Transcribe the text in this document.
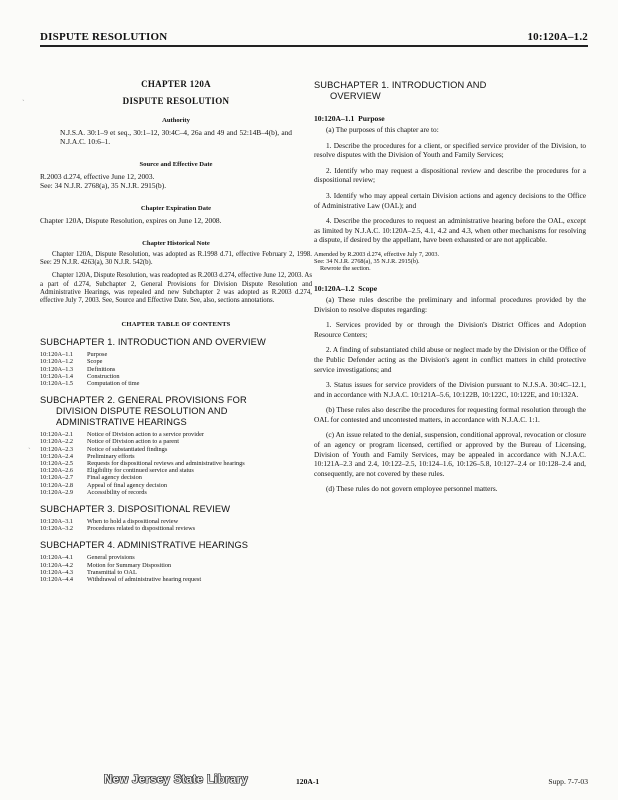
DISPUTE RESOLUTION	10:120A–1.2
ˎ
ˏ
CHAPTER 120A
DISPUTE RESOLUTION
Authority

N.J.S.A. 30:1–9 et seq., 30:1–12, 30:4C–4, 26a and 49 and 52:14B–4(b), and N.J.A.C. 10:6–1.

Source and Effective Date

R.2003 d.274, effective June 12, 2003.

See: 34 N.J.R. 2768(a), 35 N.J.R. 2915(b).

Chapter Expiration Date

Chapter 120A, Dispute Resolution, expires on June 12, 2008.

Chapter Historical Note

Chapter 120A, Dispute Resolution, was adopted as R.1998 d.71, effective February 2, 1998. See: 29 N.J.R. 4263(a), 30 N.J.R. 542(b).

Chapter 120A, Dispute Resolution, was readopted as R.2003 d.274, effective June 12, 2003. As a part of d.274, Subchapter 2, General Provisions for Division Dispute Resolution and Administrative Hearings, was repealed and new Subchapter 2 was adopted as R.2003 d.274, effective July 7, 2003. See, Source and Effective Date. See, also, sections annotations.

CHAPTER TABLE OF CONTENTS
SUBCHAPTER 1. INTRODUCTION AND OVERVIEW
10:120A–1.1	Purpose
10:120A–1.2	Scope
10:120A–1.3	Definitions
10:120A–1.4	Construction
10:120A–1.5	Computation of time
SUBCHAPTER 2. GENERAL PROVISIONS FOR
DIVISION DISPUTE RESOLUTION AND
ADMINISTRATIVE HEARINGS
10:120A–2.1	Notice of Division action to a service provider
10:120A–2.2	Notice of Division action to a parent
10:120A–2.3	Notice of substantiated findings
10:120A–2.4	Preliminary efforts
10:120A–2.5	Requests for dispositional reviews and administrative hearings
10:120A–2.6	Eligibility for continued service and status
10:120A–2.7	Final agency decision
10:120A–2.8	Appeal of final agency decision
10:120A–2.9	Accessibility of records
SUBCHAPTER 3. DISPOSITIONAL REVIEW
10:120A–3.1	When to hold a dispositional review
10:120A–3.2	Procedures related to dispositional reviews
SUBCHAPTER 4. ADMINISTRATIVE HEARINGS
10:120A–4.1	General provisions
10:120A–4.2	Motion for Summary Disposition
10:120A–4.3	Transmittal to OAL
10:120A–4.4	Withdrawal of administrative hearing request
SUBCHAPTER 1. INTRODUCTION AND
OVERVIEW
10:120A–1.1 Purpose

(a) The purposes of this chapter are to:

1. Describe the procedures for a client, or specified service provider of the Division, to resolve disputes with the Division of Youth and Family Services;

2. Identify who may request a dispositional review and describe the procedures for a dispositional review;

3. Identify who may appeal certain Division actions and agency decisions to the Office of Administrative Law (OAL); and

4. Describe the procedures to request an administrative hearing before the OAL, except as limited by N.J.A.C. 10:120A–2.5, 4.1, 4.2 and 4.3, when other mechanisms for resolving a dispute, if desired by the appellant, have been exhausted or are not applicable.

Amended by R.2003 d.274, effective July 7, 2003.

See: 34 N.J.R. 2768(a), 35 N.J.R. 2915(b).

Rewrote the section.

10:120A–1.2 Scope

(a) These rules describe the preliminary and informal procedures provided by the Division to resolve disputes regarding:

1. Services provided by or through the Division's District Offices and Adoption Resource Centers;

2. A finding of substantiated child abuse or neglect made by the Division or the Office of the Public Defender acting as the Division's agent in conflict matters in child protective service investigations; and

3. Status issues for service providers of the Division pursuant to N.J.S.A. 30:4C–12.1, and in accordance with N.J.A.C. 10:121A–5.6, 10:122B, 10:122C, 10:122E, and 10:132A.

(b) These rules also describe the procedures for requesting formal resolution through the OAL for contested and uncontested matters, in accordance with N.J.A.C. 1:1.

(c) An issue related to the denial, suspension, conditional approval, revocation or closure of an agency or program licensed, certified or approved by the Bureau of Licensing, Division of Youth and Family Services, may be appealed in accordance with N.J.A.C. 10:121A–2.3 and 2.4, 10:122–2.5, 10:124–1.6, 10:126–5.8, 10:127–2.4 or 10:128–2.4 and, consequently, are not covered by these rules.

(d) These rules do not govern employee personnel matters.

New Jersey State Library	120A-1	Supp. 7-7-03
